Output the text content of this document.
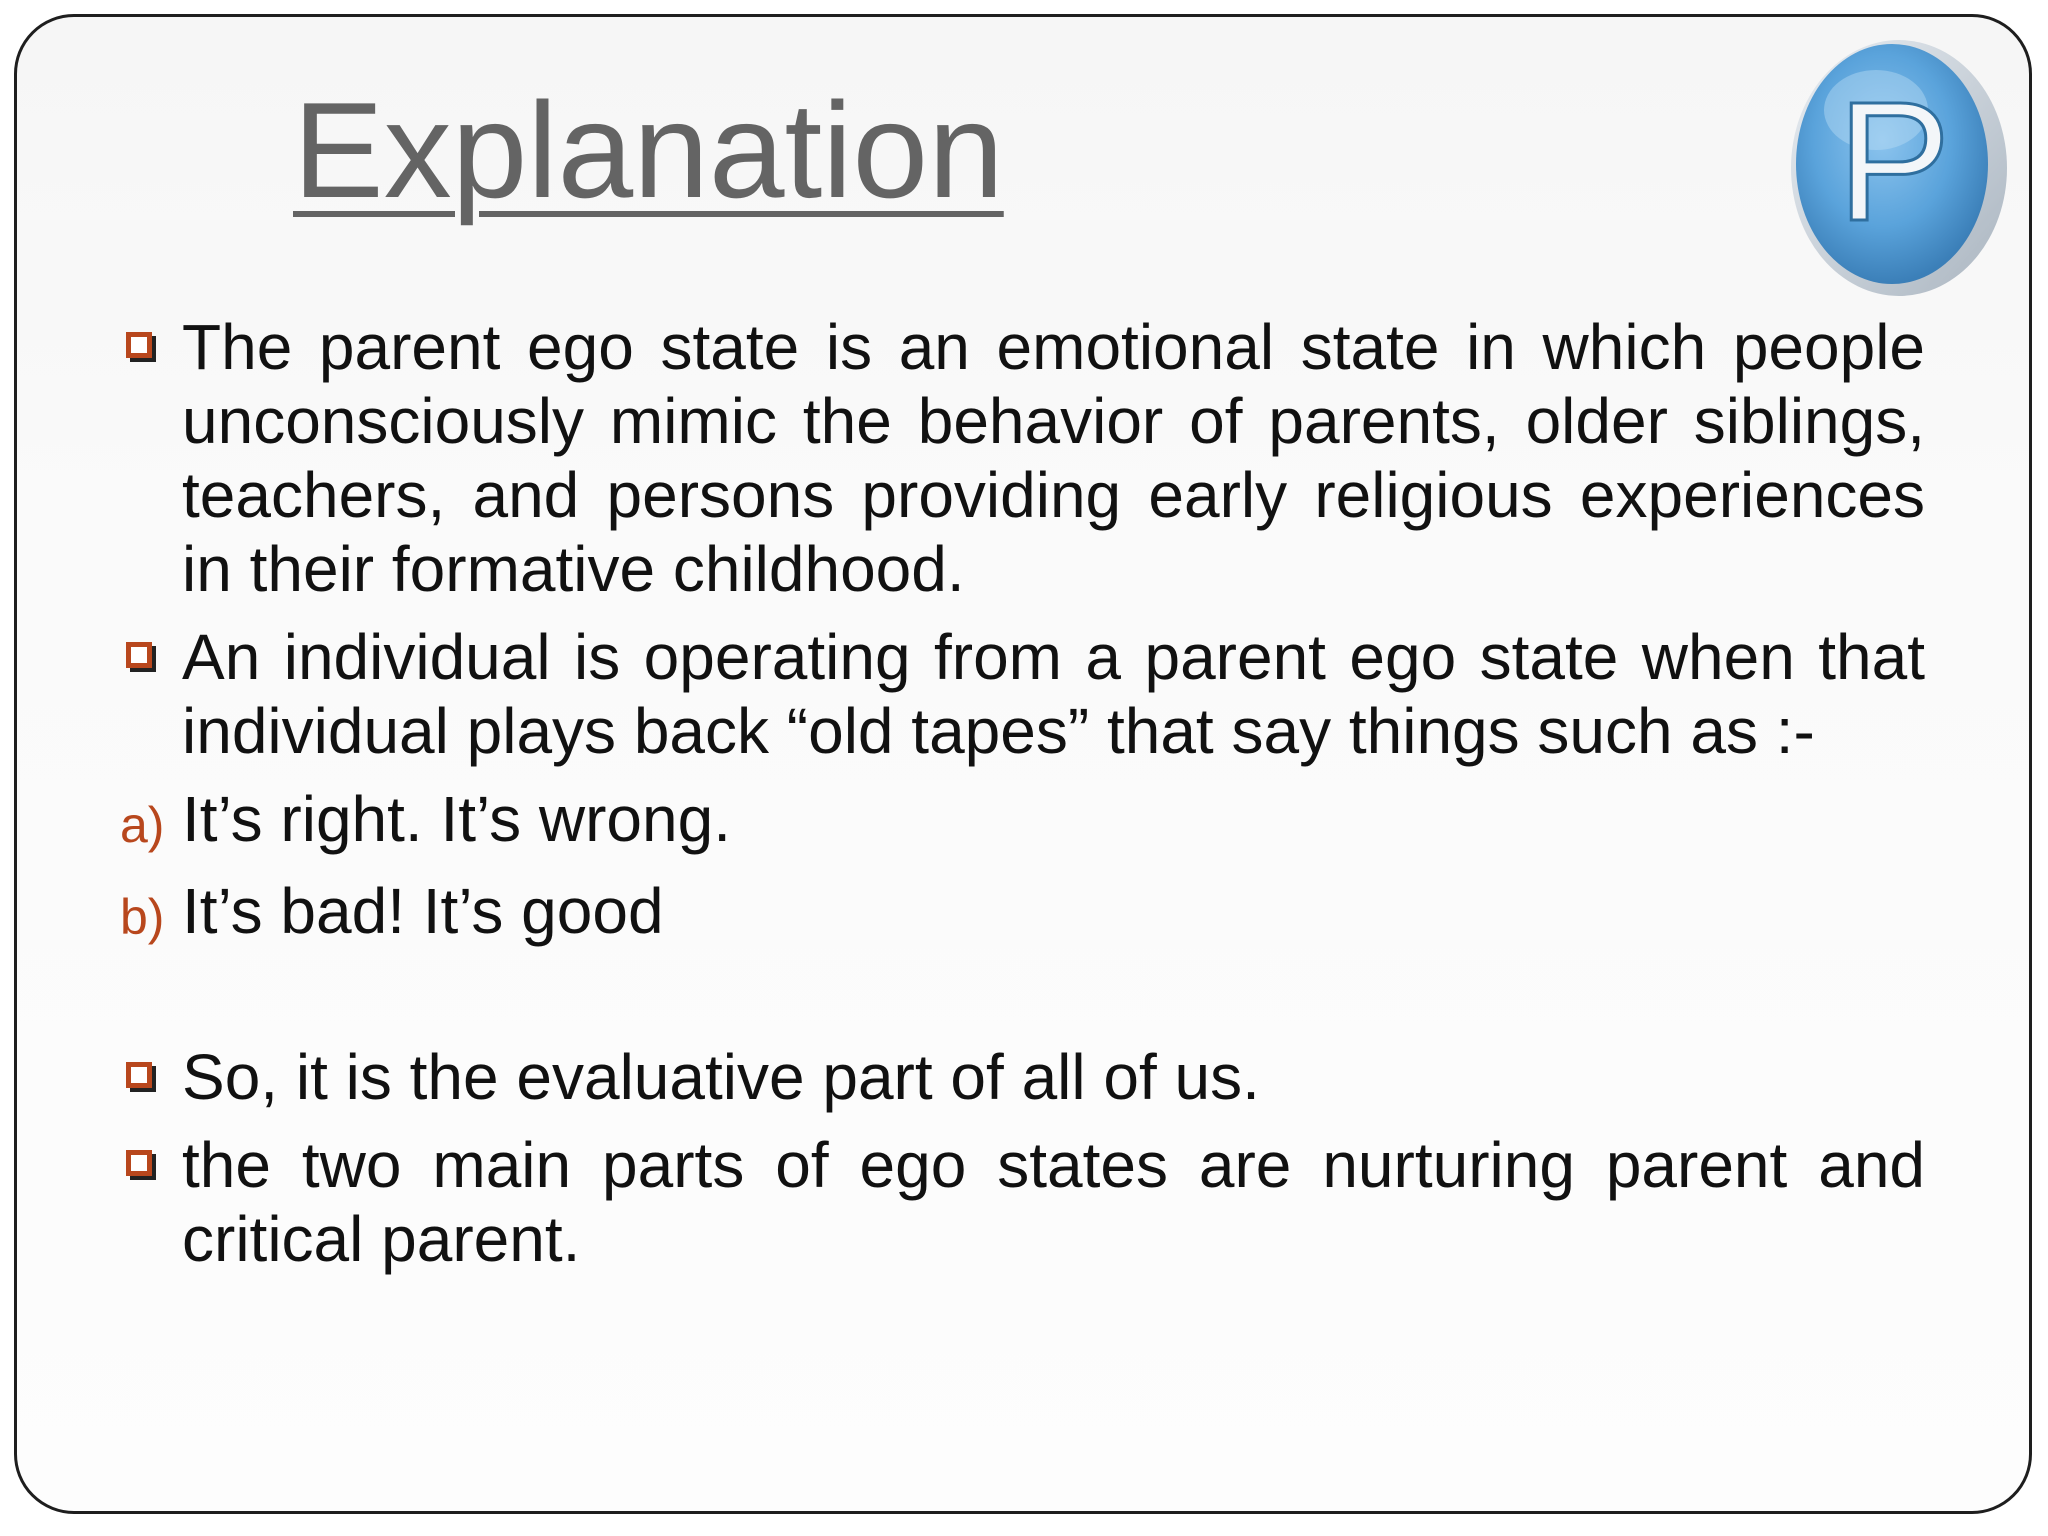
Explanation	P
The parent ego state is an emotional state in which people unconsciously mimic the behavior of parents, older siblings, teachers, and persons providing early religious experiences in their formative childhood.
An individual is operating from a parent ego state when that individual plays back “old tapes” that say things such as :-
a) It’s right. It’s wrong.
b) It’s bad! It’s good
So, it is the evaluative part of all of us.
the two main parts of ego states are nurturing parent and critical parent.
